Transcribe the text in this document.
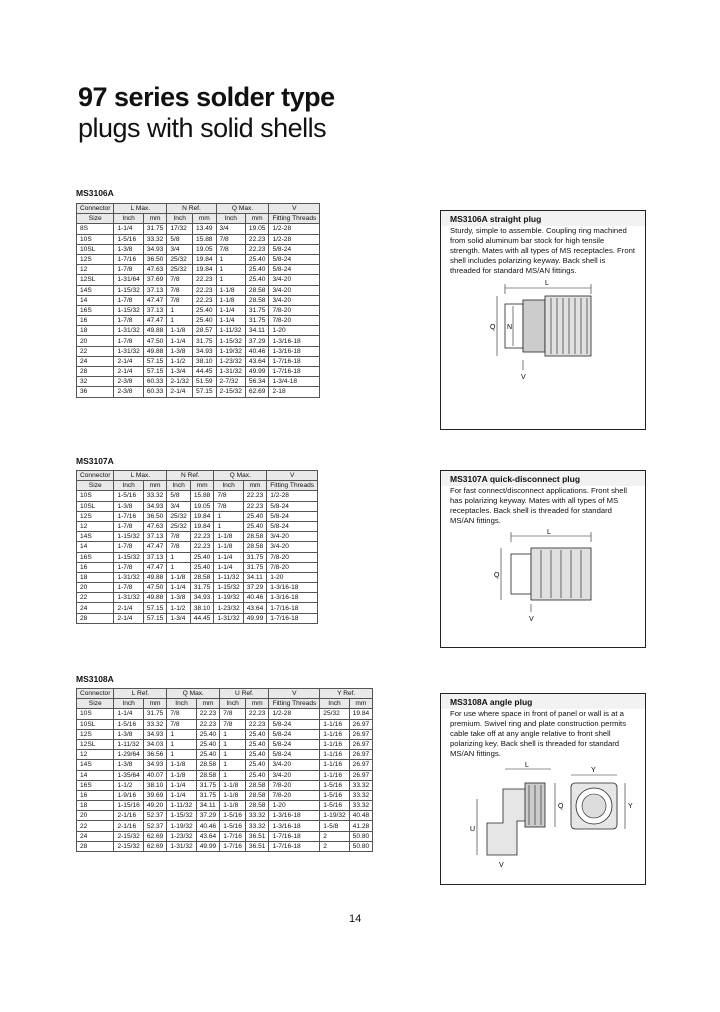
97 series solder type
plugs with solid shells
MS3106A
Connector	L Max.		N Ref.		Q Max.		V
Size	Inch	mm	Inch	mm	Inch	mm	Fitting Threads
8S	1-1/4	31.75	17/32	13.49	3/4	19.05	1/2-28
10S	1-5/16	33.32	5/8	15.88	7/8	22.23	1/2-28
10SL	1-3/8	34.93	3/4	19.05	7/8	22.23	5/8-24
12S	1-7/16	36.50	25/32	19.84	1	25.40	5/8-24
12	1-7/8	47.63	25/32	19.84	1	25.40	5/8-24
12SL	1-31/64	37.69	7/8	22.23	1	25.40	3/4-20
14S	1-15/32	37.13	7/8	22.23	1-1/8	28.58	3/4-20
14	1-7/8	47.47	7/8	22.23	1-1/8	28.58	3/4-20
16S	1-15/32	37.13	1	25.40	1-1/4	31.75	7/8-20
16	1-7/8	47.47	1	25.40	1-1/4	31.75	7/8-20
18	1-31/32	49.88	1-1/8	28.57	1-11/32	34.11	1-20
20	1-7/8	47.50	1-1/4	31.75	1-15/32	37.29	1-3/16-18
22	1-31/32	49.88	1-3/8	34.93	1-19/32	40.46	1-3/16-18
24	2-1/4	57.15	1-1/2	38.10	1-23/32	43.64	1-7/16-18
28	2-1/4	57.15	1-3/4	44.45	1-31/32	49.99	1-7/16-18
32	2-3/8	60.33	2-1/32	51.59	2-7/32	56.34	1-3/4-18
36	2-3/8	60.33	2-1/4	57.15	2-15/32	62.69	2-18
MS3107A
Connector	L Max.		N Ref.		Q Max.		V
Size	Inch	mm	Inch	mm	Inch	mm	Fitting Threads
10S	1-5/16	33.32	5/8	15.88	7/8	22.23	1/2-28
10SL	1-3/8	34.93	3/4	19.05	7/8	22.23	5/8-24
12S	1-7/16	36.50	25/32	19.84	1	25.40	5/8-24
12	1-7/8	47.63	25/32	19.84	1	25.40	5/8-24
14S	1-15/32	37.13	7/8	22.23	1-1/8	28.58	3/4-20
14	1-7/8	47.47	7/8	22.23	1-1/8	28.58	3/4-20
16S	1-15/32	37.13	1	25.40	1-1/4	31.75	7/8-20
16	1-7/8	47.47	1	25.40	1-1/4	31.75	7/8-20
18	1-31/32	49.88	1-1/8	28.58	1-11/32	34.11	1-20
20	1-7/8	47.50	1-1/4	31.75	1-15/32	37.29	1-3/16-18
22	1-31/32	49.88	1-3/8	34.93	1-19/32	40.46	1-3/16-18
24	2-1/4	57.15	1-1/2	38.10	1-23/32	43.64	1-7/16-18
28	2-1/4	57.15	1-3/4	44.45	1-31/32	49.99	1-7/16-18
MS3108A
Connector	L Ref.		Q Max.		U Ref.		V	Y Ref.	
Size	Inch	mm	Inch	mm	Inch	mm	Fitting Threads	Inch	mm
10S	1-1/4	31.75	7/8	22.23	7/8	22.23	1/2-28	25/32	19.84
10SL	1-5/16	33.32	7/8	22.23	7/8	22.23	5/8-24	1-1/16	26.97
12S	1-3/8	34.93	1	25.40	1	25.40	5/8-24	1-1/16	26.97
12SL	1-11/32	34.03	1	25.40	1	25.40	5/8-24	1-1/16	26.97
12	1-29/64	36.56	1	25.40	1	25.40	5/8-24	1-1/16	26.97
14S	1-3/8	34.93	1-1/8	28.58	1	25.40	3/4-20	1-1/16	26.97
14	1-35/64	40.07	1-1/8	28.58	1	25.40	3/4-20	1-1/16	26.97
16S	1-1/2	38.10	1-1/4	31.75	1-1/8	28.58	7/8-20	1-5/16	33.32
16	1-9/16	39.69	1-1/4	31.75	1-1/8	28.58	7/8-20	1-5/16	33.32
18	1-15/16	49.20	1-11/32	34.11	1-1/8	28.58	1-20	1-5/16	33.32
20	2-1/16	52.37	1-15/32	37.29	1-5/16	33.32	1-3/16-18	1-19/32	40.48
22	2-1/16	52.37	1-19/32	40.46	1-5/16	33.32	1-3/16-18	1-5/8	41.28
24	2-15/32	62.69	1-23/32	43.64	1-7/16	36.51	1-7/16-18	2	50.80
28	2-15/32	62.69	1-31/32	49.99	1-7/16	36.51	1-7/16-18	2	50.80
MS3106A straight plug

Sturdy, simple to assemble. Coupling ring machined from solid aluminum bar stock for high tensile strength. Mates with all types of MS receptacles. Front shell includes polarizing keyway. Back shell is threaded for standard MS/AN fittings.

L
Q N
V
MS3107A quick-disconnect plug

For fast connect/disconnect applications. Front shell has polarizing keyway. Mates with all types of MS receptacles. Back shell is threaded for standard MS/AN fittings.

L
Q
V
MS3108A angle plug

For use where space in front of panel or wall is at a premium. Swivel ring and plate construction permits cable take off at any angle relative to front shell polarizing key. Back shell is threaded for standard MS/AN fittings.

L
Q
U
V
Y
Y
14
